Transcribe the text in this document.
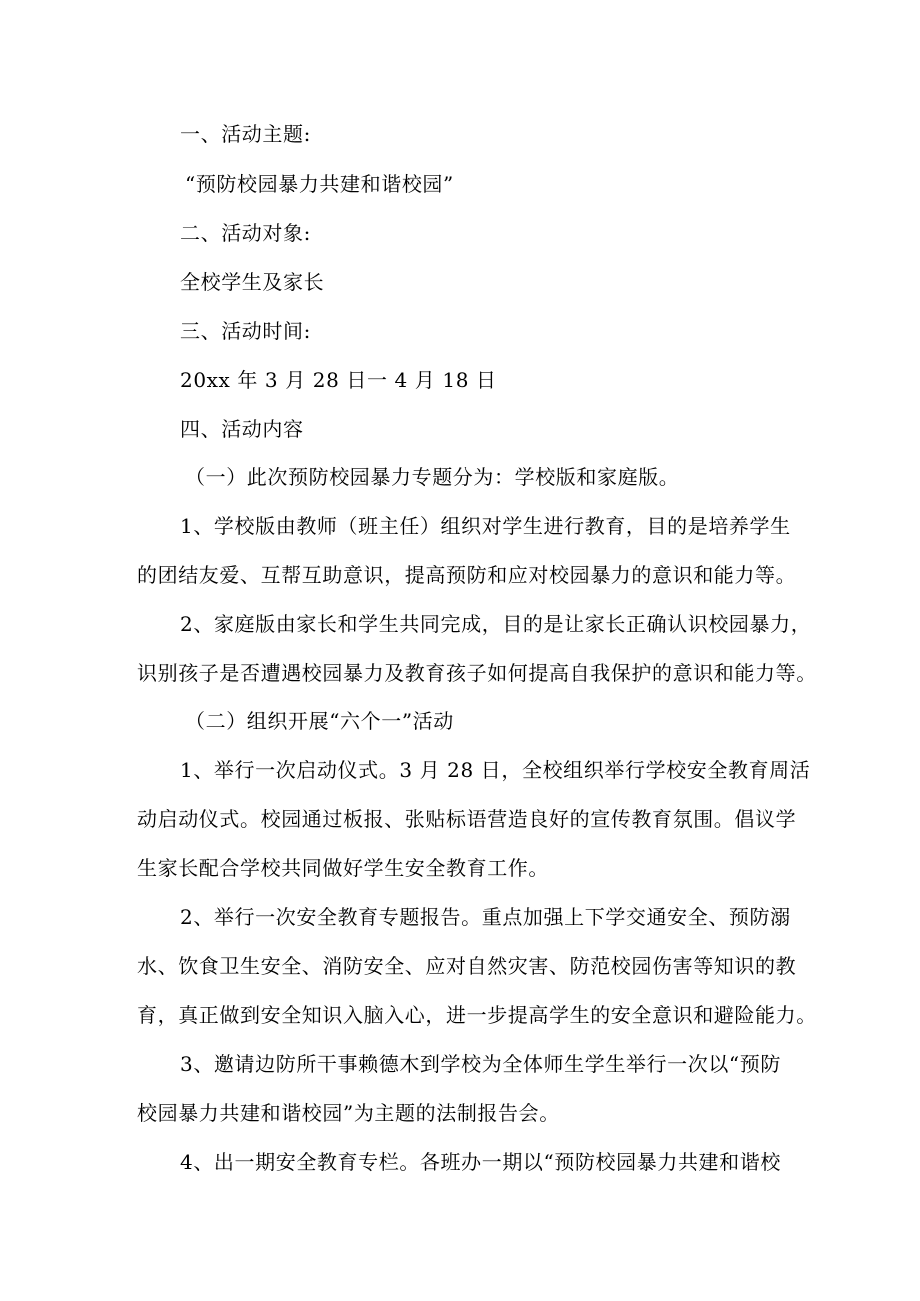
一、活动主题:
“预防校园暴力共建和谐校园”
二、活动对象:
全校学生及家长
三、活动时间:
20xx 年 3 月 28 日一 4 月 18 日
四、活动内容
（一）此次预防校园暴力专题分为：学校版和家庭版。
1、学校版由教师（班主任）组织对学生进行教育，目的是培养学生
的团结友爱、互帮互助意识，提高预防和应对校园暴力的意识和能力等。
2、家庭版由家长和学生共同完成，目的是让家长正确认识校园暴力，
识别孩子是否遭遇校园暴力及教育孩子如何提高自我保护的意识和能力等。
（二）组织开展“六个一”活动
1、举行一次启动仪式。3 月 28 日，全校组织举行学校安全教育周活
动启动仪式。校园通过板报、张贴标语营造良好的宣传教育氛围。倡议学
生家长配合学校共同做好学生安全教育工作。
2、举行一次安全教育专题报告。重点加强上下学交通安全、预防溺
水、饮食卫生安全、消防安全、应对自然灾害、防范校园伤害等知识的教
育，真正做到安全知识入脑入心，进一步提高学生的安全意识和避险能力。
3、邀请边防所干事赖德木到学校为全体师生学生举行一次以“预防
校园暴力共建和谐校园”为主题的法制报告会。
4、出一期安全教育专栏。各班办一期以“预防校园暴力共建和谐校
